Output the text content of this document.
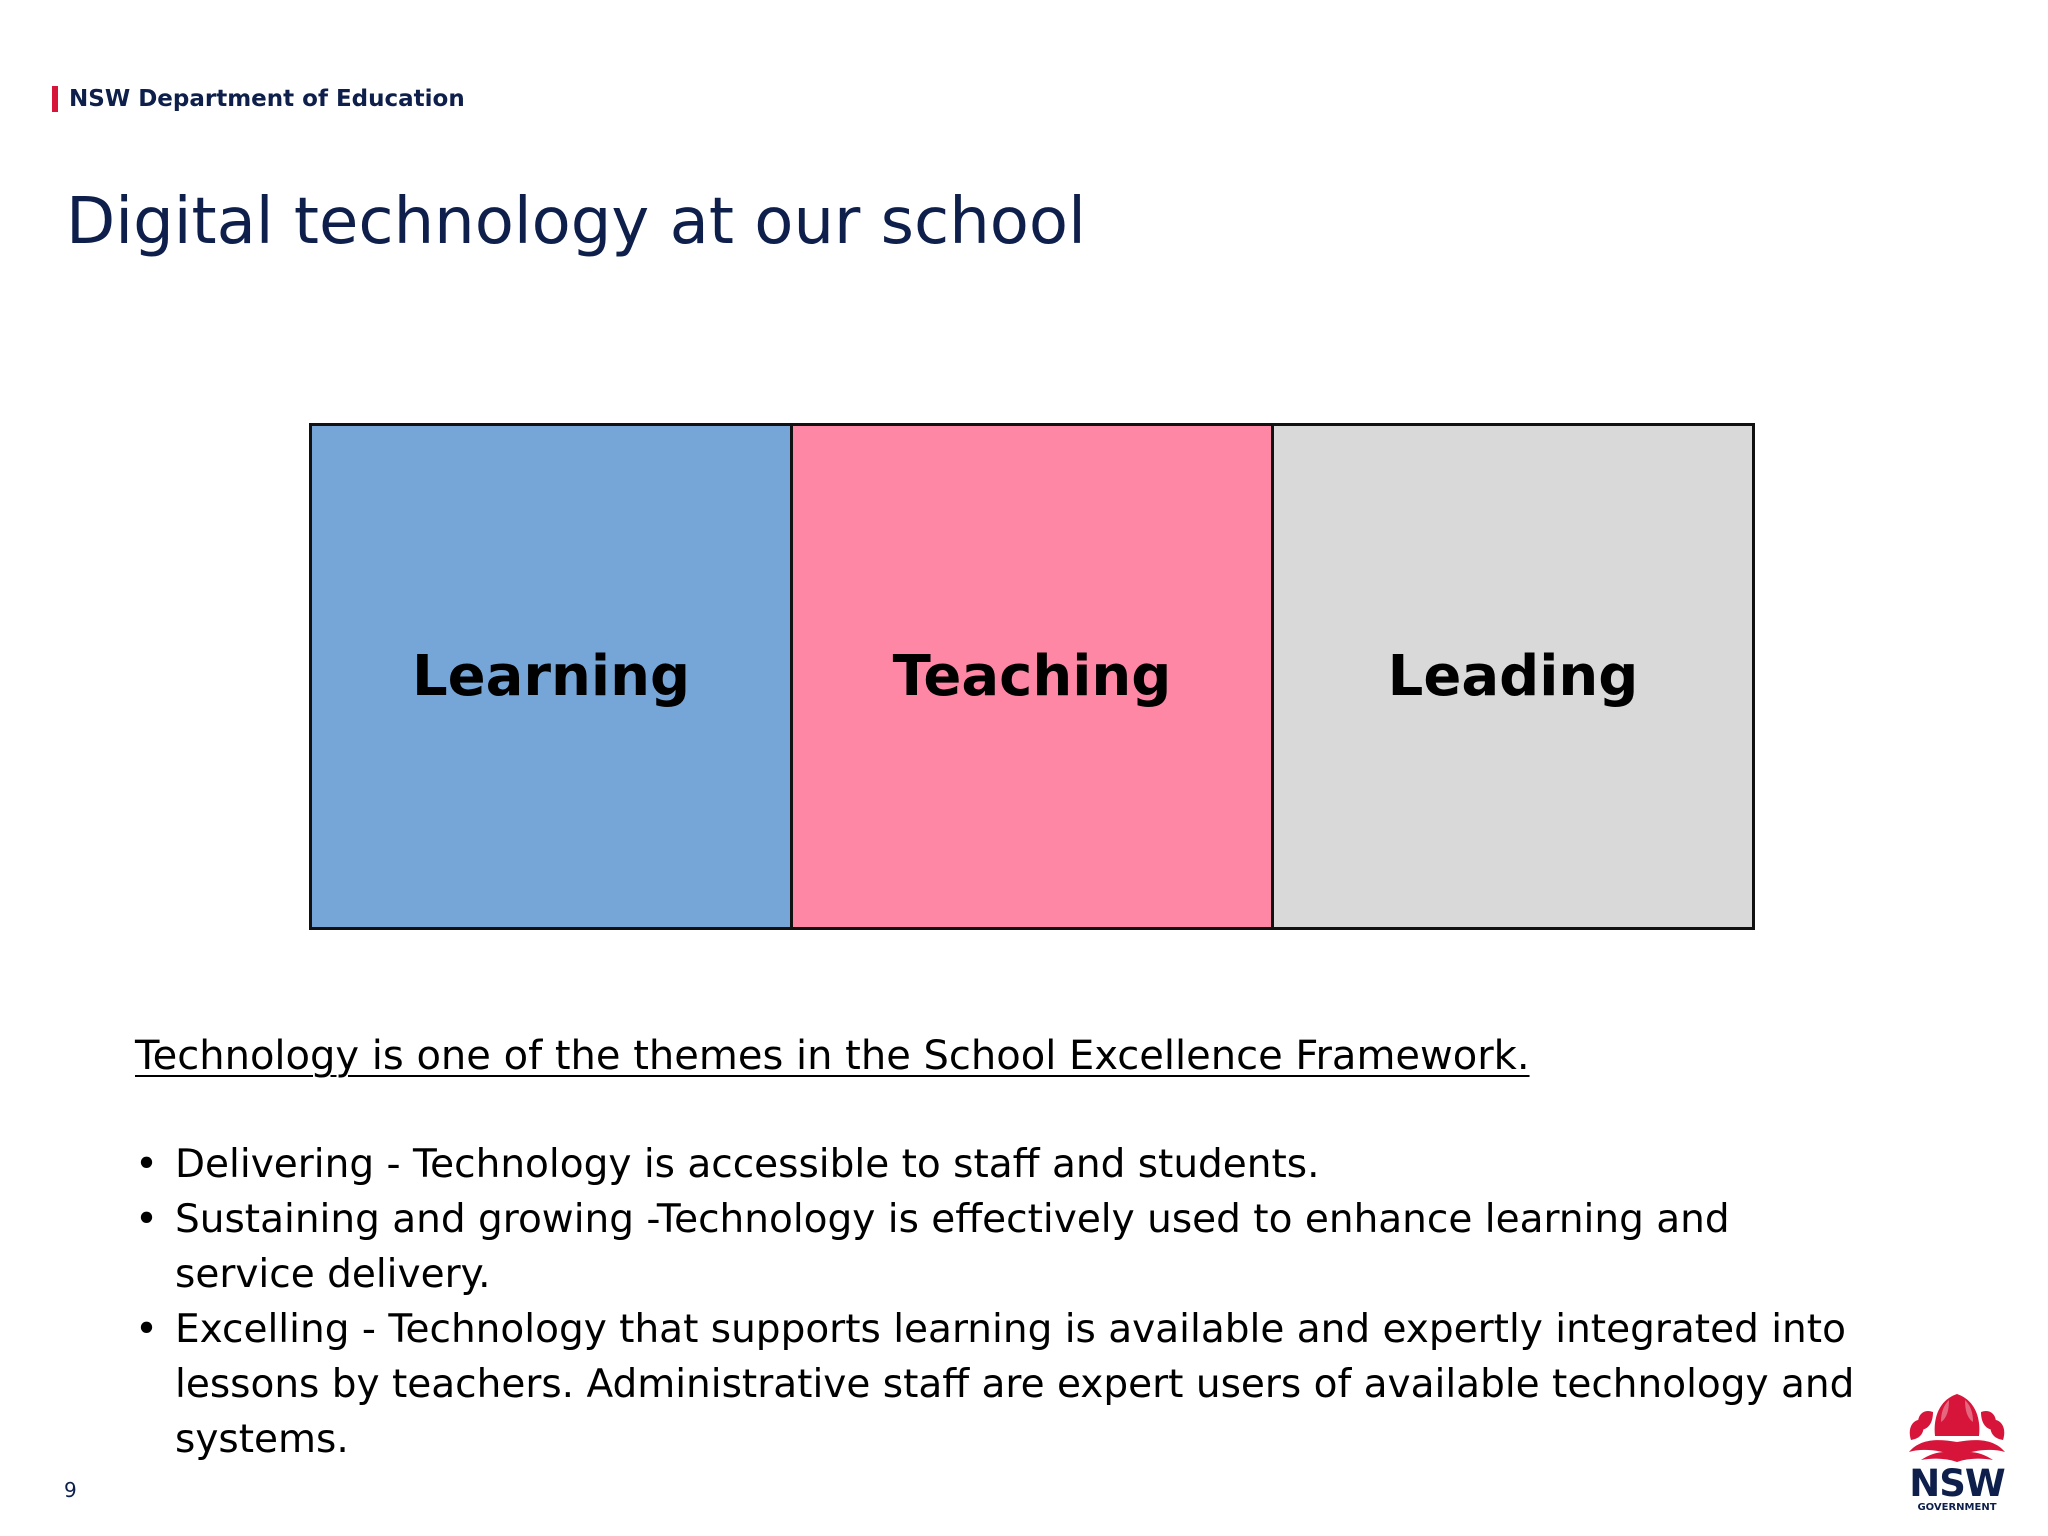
NSW Department of Education
Digital technology at our school
Learning	Teaching	Leading

Technology is one of the themes in the School Excellence Framework.

• Delivering - Technology is accessible to staff and students.
• Sustaining and growing -Technology is effectively used to enhance learning and service delivery.
• Excelling - Technology that supports learning is available and expertly integrated into lessons by teachers. Administrative staff are expert users of available technology and systems.
9	NSW
GOVERNMENT
